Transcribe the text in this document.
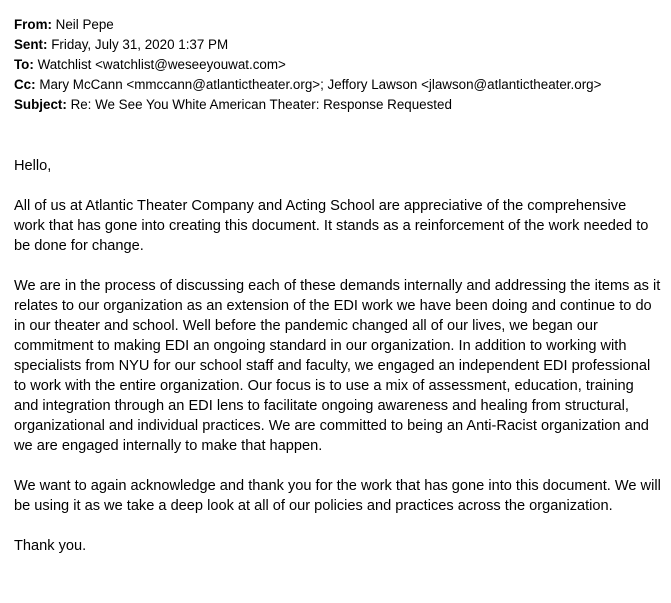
From: Neil Pepe
Sent: Friday, July 31, 2020 1:37 PM
To: Watchlist <watchlist@weseeyouwat.com>
Cc: Mary McCann <mmccann@atlantictheater.org>; Jeffory Lawson <jlawson@atlantictheater.org>
Subject: Re: We See You White American Theater: Response Requested

Hello,

All of us at Atlantic Theater Company and Acting School are appreciative of the comprehensive work that has gone into creating this document. It stands as a reinforcement of the work needed to be done for change.

We are in the process of discussing each of these demands internally and addressing the items as it relates to our organization as an extension of the EDI work we have been doing and continue to do in our theater and school. Well before the pandemic changed all of our lives, we began our commitment to making EDI an ongoing standard in our organization. In addition to working with specialists from NYU for our school staff and faculty, we engaged an independent EDI professional to work with the entire organization. Our focus is to use a mix of assessment, education, training and integration through an EDI lens to facilitate ongoing awareness and healing from structural, organizational and individual practices. We are committed to being an Anti-Racist organization and we are engaged internally to make that happen.

We want to again acknowledge and thank you for the work that has gone into this document. We will be using it as we take a deep look at all of our policies and practices across the organization.

Thank you.
